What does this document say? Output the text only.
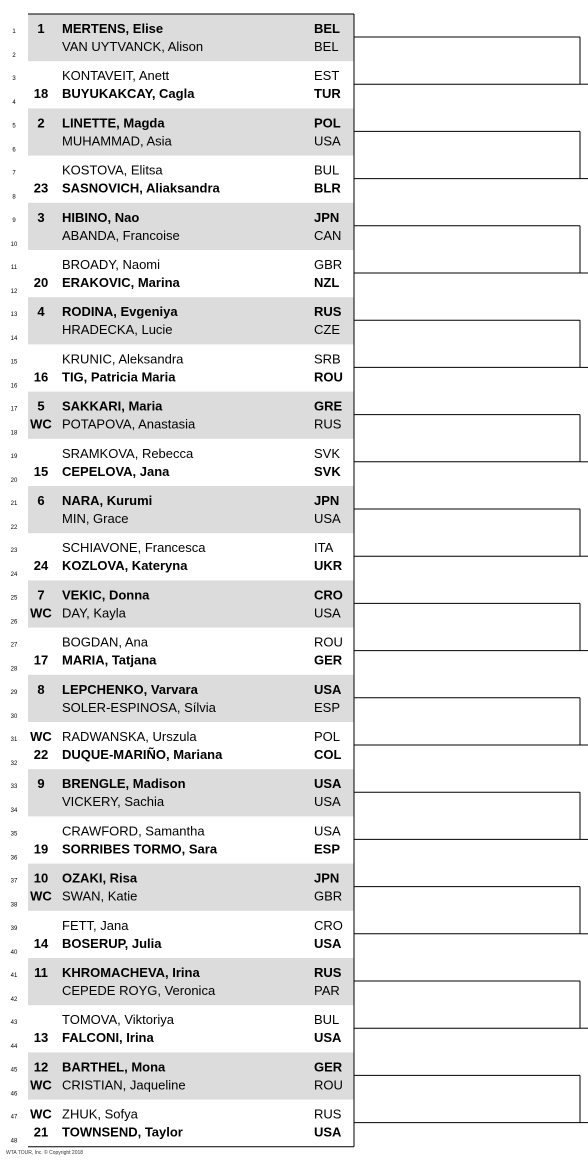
1 1 MERTENS, Elise	BEL
2
VAN UYTVANCK, Alison	BEL
3	KONTAVEIT, Anett	EST
4
18 BUYUKAKCAY, Cagla	TUR
5 2 LINETTE, Magda	POL
6
MUHAMMAD, Asia	USA
7	KOSTOVA, Elitsa	BUL
8
23 SASNOVICH, Aliaksandra	BLR
9 3 HIBINO, Nao	JPN
10
ABANDA, Francoise	CAN
11	BROADY, Naomi	GBR
12
20 ERAKOVIC, Marina	NZL
13 4 RODINA, Evgeniya	RUS
14
HRADECKA, Lucie	CZE
15	KRUNIC, Aleksandra	SRB
16
16 TIG, Patricia Maria	ROU
17 5 SAKKARI, Maria	GRE
18
WC POTAPOVA, Anastasia	RUS
19	SRAMKOVA, Rebecca	SVK
20
15 CEPELOVA, Jana	SVK
21 6 NARA, Kurumi	JPN
22
MIN, Grace	USA
23	SCHIAVONE, Francesca	ITA
24
24 KOZLOVA, Kateryna	UKR
25 7 VEKIC, Donna	CRO
26
WC DAY, Kayla	USA
27	BOGDAN, Ana	ROU
28
17 MARIA, Tatjana	GER
29 8 LEPCHENKO, Varvara	USA
30
SOLER-ESPINOSA, Sílvia	ESP
31 WC RADWANSKA, Urszula	POL
32
22 DUQUE-MARIÑO, Mariana	COL
33 9 BRENGLE, Madison	USA
34
VICKERY, Sachia	USA
35	CRAWFORD, Samantha	USA
36
19 SORRIBES TORMO, Sara	ESP
37 10 OZAKI, Risa	JPN
38
WC SWAN, Katie	GBR
39	FETT, Jana	CRO
40
14 BOSERUP, Julia	USA
41 11 KHROMACHEVA, Irina	RUS
42
CEPEDE ROYG, Veronica	PAR
43	TOMOVA, Viktoriya	BUL
44
13 FALCONI, Irina	USA
45 12 BARTHEL, Mona	GER
46
WC CRISTIAN, Jaqueline	ROU
47 WC ZHUK, Sofya	RUS
48
21 TOWNSEND, Taylor	USA
WTA TOUR, Inc. © Copyright 2018
